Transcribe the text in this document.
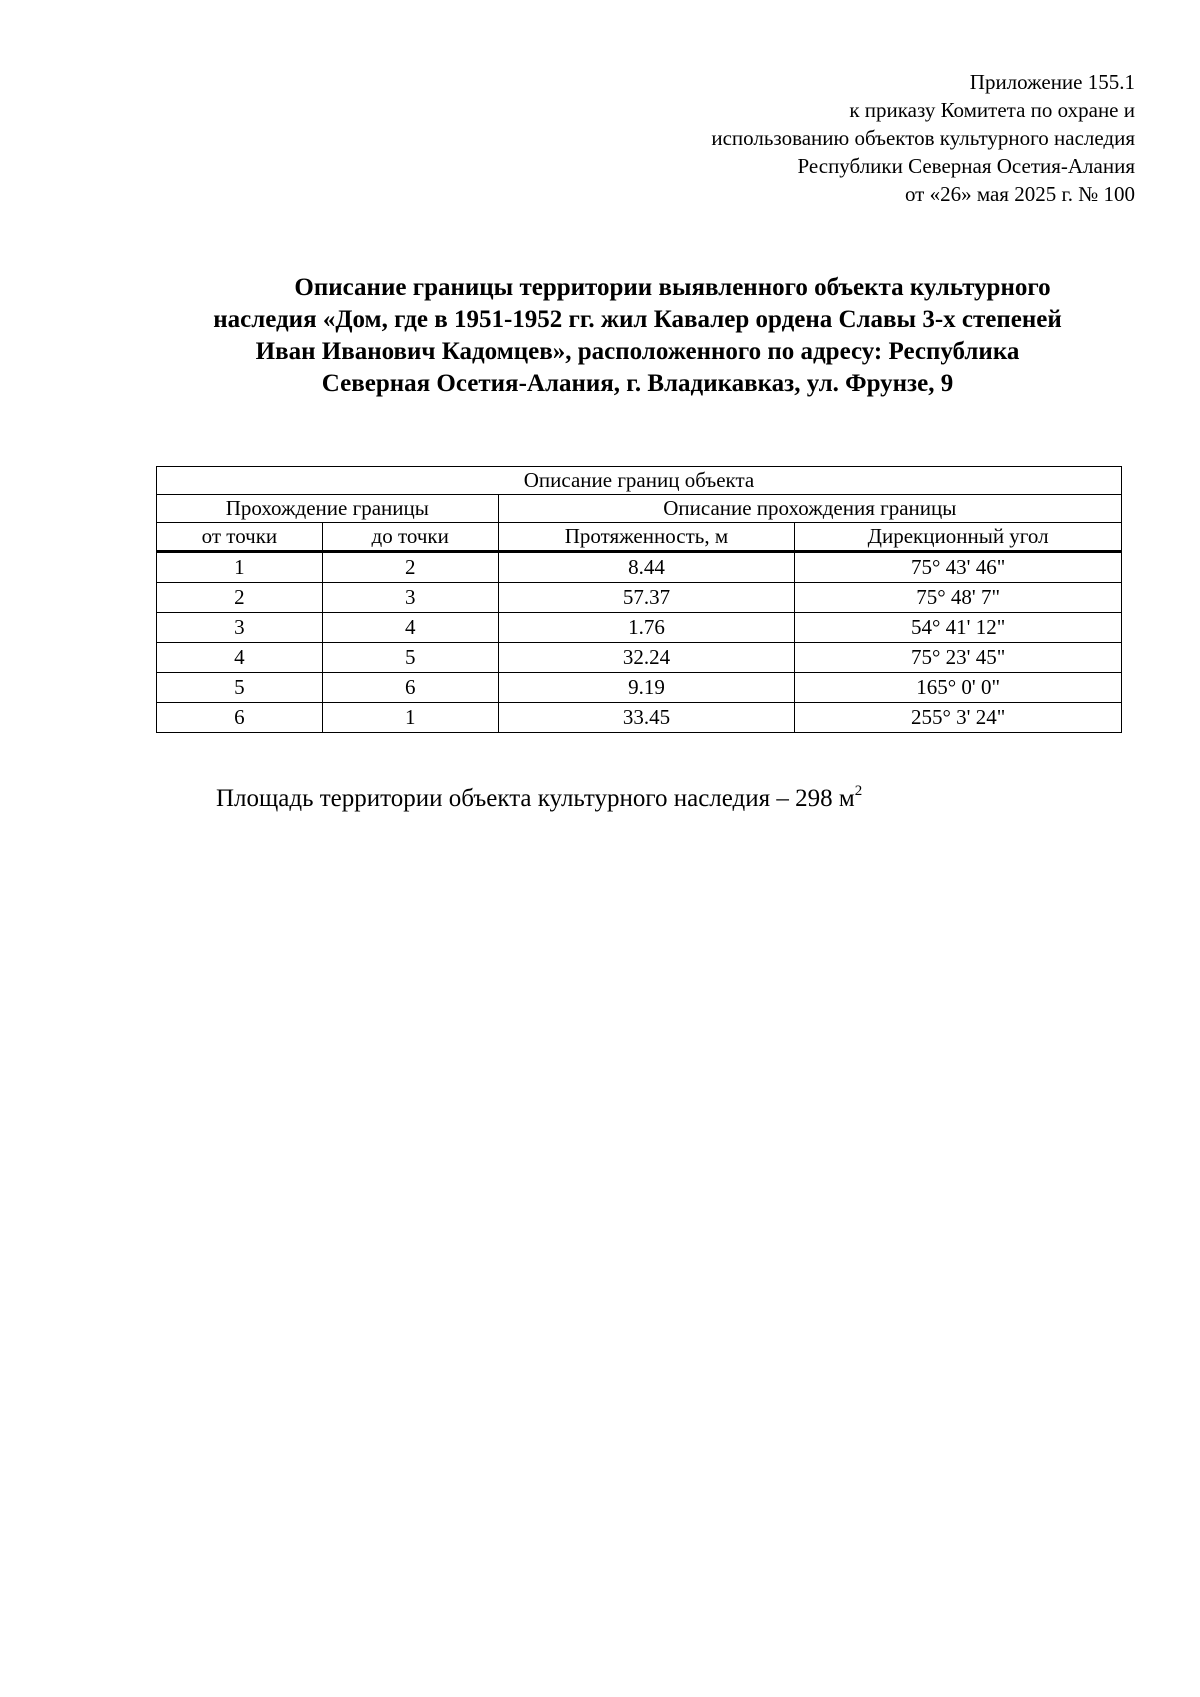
Приложение 155.1
к приказу Комитета по охране и
использованию объектов культурного наследия
Республики Северная Осетия-Алания
от «26» мая 2025 г. № 100
Описание границы территории выявленного объекта культурного
наследия «Дом, где в 1951-1952 гг. жил Кавалер ордена Славы 3-х степеней
Иван Иванович Кадомцев», расположенного по адресу: Республика
Северная Осетия-Алания, г. Владикавказ, ул. Фрунзе, 9
Описание границ объекта			
Прохождение границы		Описание прохождения границы	
от точки	до точки	Протяженность, м	Дирекционный угол
1	2	8.44	75° 43' 46"
2	3	57.37	75° 48' 7"
3	4	1.76	54° 41' 12"
4	5	32.24	75° 23' 45"
5	6	9.19	165° 0' 0"
6	1	33.45	255° 3' 24"
Площадь территории объекта культурного наследия – 298 $м^2$
